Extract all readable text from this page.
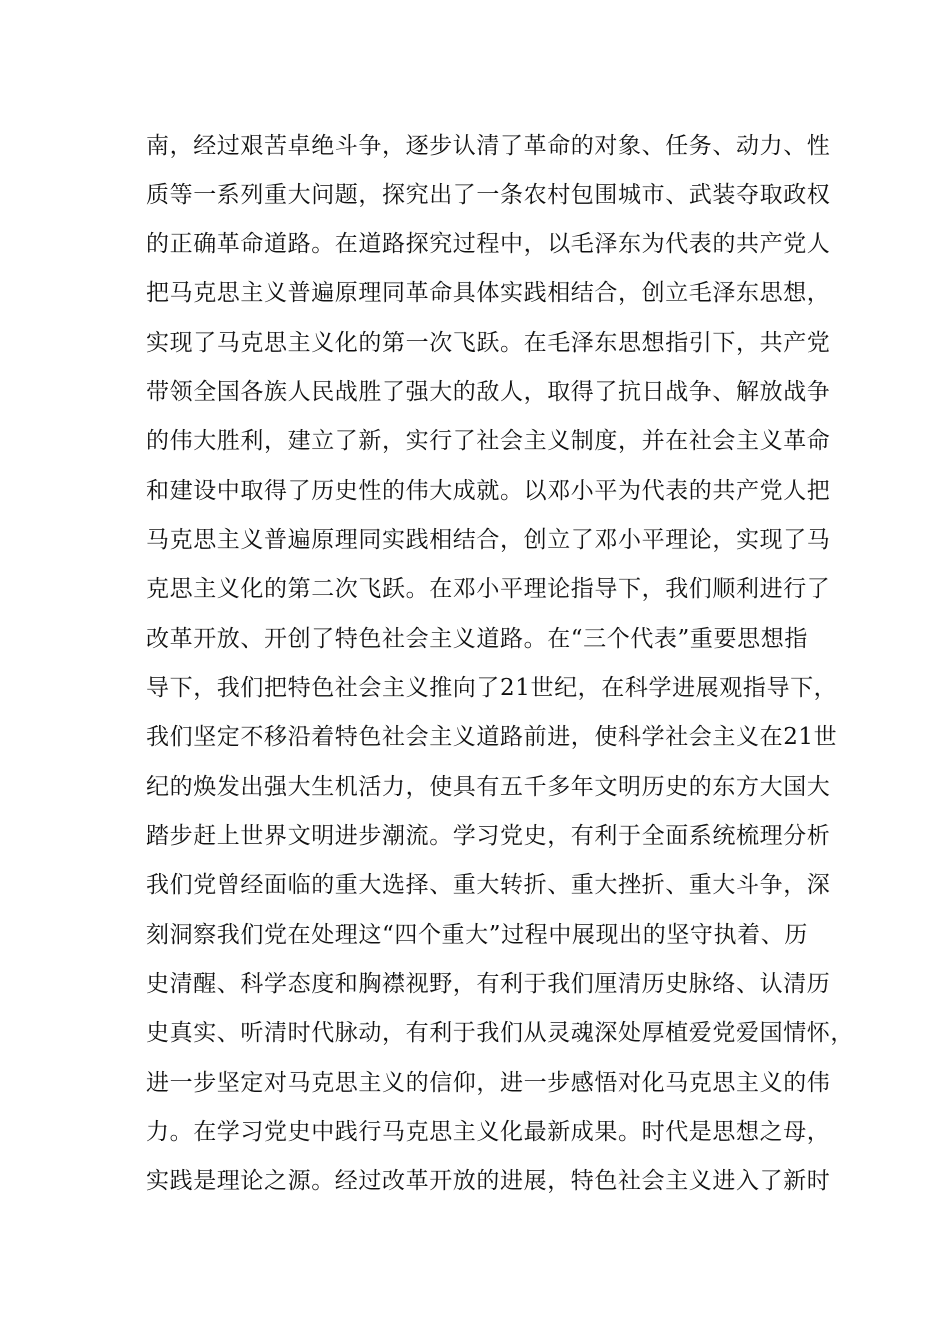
南，经过艰苦卓绝斗争，逐步认清了革命的对象、任务、动力、性
质等一系列重大问题，探究出了一条农村包围城市、武装夺取政权
的正确革命道路。在道路探究过程中，以毛泽东为代表的共产党人
把马克思主义普遍原理同革命具体实践相结合，创立毛泽东思想，
实现了马克思主义化的第一次飞跃。在毛泽东思想指引下，共产党
带领全国各族人民战胜了强大的敌人，取得了抗日战争、解放战争
的伟大胜利，建立了新，实行了社会主义制度，并在社会主义革命
和建设中取得了历史性的伟大成就。以邓小平为代表的共产党人把
马克思主义普遍原理同实践相结合，创立了邓小平理论，实现了马
克思主义化的第二次飞跃。在邓小平理论指导下，我们顺利进行了
改革开放、开创了特色社会主义道路。在“三个代表”重要思想指
导下，我们把特色社会主义推向了21世纪，在科学进展观指导下，
我们坚定不移沿着特色社会主义道路前进，使科学社会主义在21世
纪的焕发出强大生机活力，使具有五千多年文明历史的东方大国大
踏步赶上世界文明进步潮流。学习党史，有利于全面系统梳理分析
我们党曾经面临的重大选择、重大转折、重大挫折、重大斗争，深
刻洞察我们党在处理这“四个重大”过程中展现出的坚守执着、历
史清醒、科学态度和胸襟视野，有利于我们厘清历史脉络、认清历
史真实、听清时代脉动，有利于我们从灵魂深处厚植爱党爱国情怀，
进一步坚定对马克思主义的信仰，进一步感悟对化马克思主义的伟
力。在学习党史中践行马克思主义化最新成果。时代是思想之母，
实践是理论之源。经过改革开放的进展，特色社会主义进入了新时
